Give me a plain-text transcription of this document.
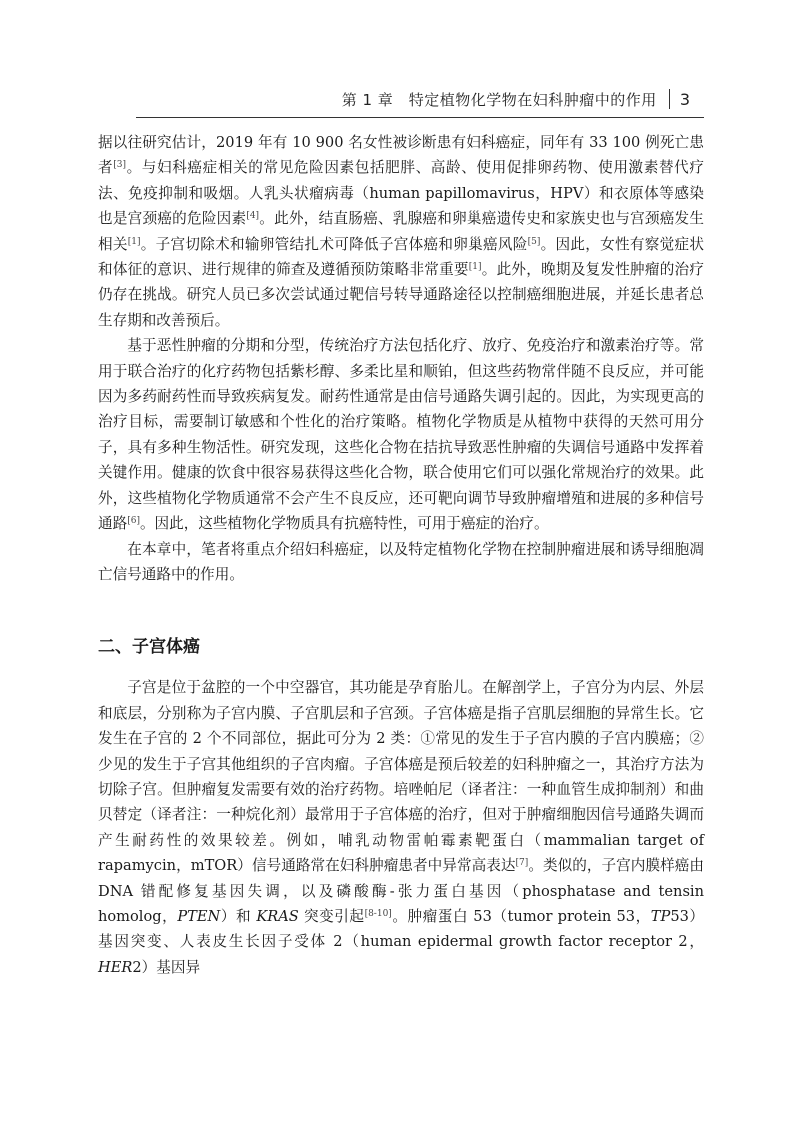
第 1 章　特定植物化学物在妇科肿瘤中的作用 3

据以往研究估计，2019 年有 10 900 名女性被诊断患有妇科癌症，同年有 33 100 例死亡患者[3]。与妇科癌症相关的常见危险因素包括肥胖、高龄、使用促排卵药物、使用激素替代疗法、免疫抑制和吸烟。人乳头状瘤病毒（human papillomavirus，HPV）和衣原体等感染也是宫颈癌的危险因素[4]。此外，结直肠癌、乳腺癌和卵巢癌遗传史和家族史也与宫颈癌发生相关[1]。子宫切除术和输卵管结扎术可降低子宫体癌和卵巢癌风险[5]。因此，女性有察觉症状和体征的意识、进行规律的筛查及遵循预防策略非常重要[1]。此外，晚期及复发性肿瘤的治疗仍存在挑战。研究人员已多次尝试通过靶信号转导通路途径以控制癌细胞进展，并延长患者总生存期和改善预后。

基于恶性肿瘤的分期和分型，传统治疗方法包括化疗、放疗、免疫治疗和激素治疗等。常用于联合治疗的化疗药物包括紫杉醇、多柔比星和顺铂，但这些药物常伴随不良反应，并可能因为多药耐药性而导致疾病复发。耐药性通常是由信号通路失调引起的。因此，为实现更高的治疗目标，需要制订敏感和个性化的治疗策略。植物化学物质是从植物中获得的天然可用分子，具有多种生物活性。研究发现，这些化合物在拮抗导致恶性肿瘤的失调信号通路中发挥着关键作用。健康的饮食中很容易获得这些化合物，联合使用它们可以强化常规治疗的效果。此外，这些植物化学物质通常不会产生不良反应，还可靶向调节导致肿瘤增殖和进展的多种信号通路[6]。因此，这些植物化学物质具有抗癌特性，可用于癌症的治疗。

在本章中，笔者将重点介绍妇科癌症，以及特定植物化学物在控制肿瘤进展和诱导细胞凋亡信号通路中的作用。

二、子宫体癌

子宫是位于盆腔的一个中空器官，其功能是孕育胎儿。在解剖学上，子宫分为内层、外层和底层，分别称为子宫内膜、子宫肌层和子宫颈。子宫体癌是指子宫肌层细胞的异常生长。它发生在子宫的 2 个不同部位，据此可分为 2 类：①常见的发生于子宫内膜的子宫内膜癌；②少见的发生于子宫其他组织的子宫肉瘤。子宫体癌是预后较差的妇科肿瘤之一，其治疗方法为切除子宫。但肿瘤复发需要有效的治疗药物。培唑帕尼（译者注：一种血管生成抑制剂）和曲贝替定（译者注：一种烷化剂）最常用于子宫体癌的治疗，但对于肿瘤细胞因信号通路失调而产生耐药性的效果较差。例如，哺乳动物雷帕霉素靶蛋白（mammalian target of rapamycin，mTOR）信号通路常在妇科肿瘤患者中异常高表达[7]。类似的，子宫内膜样癌由 DNA 错配修复基因失调，以及磷酸酶-张力蛋白基因（phosphatase and tensin homolog，PTEN）和 KRAS 突变引起[8-10]。肿瘤蛋白 53（tumor protein 53，TP53）基因突变、人表皮生长因子受体 2（human epidermal growth factor receptor 2，HER2）基因异
